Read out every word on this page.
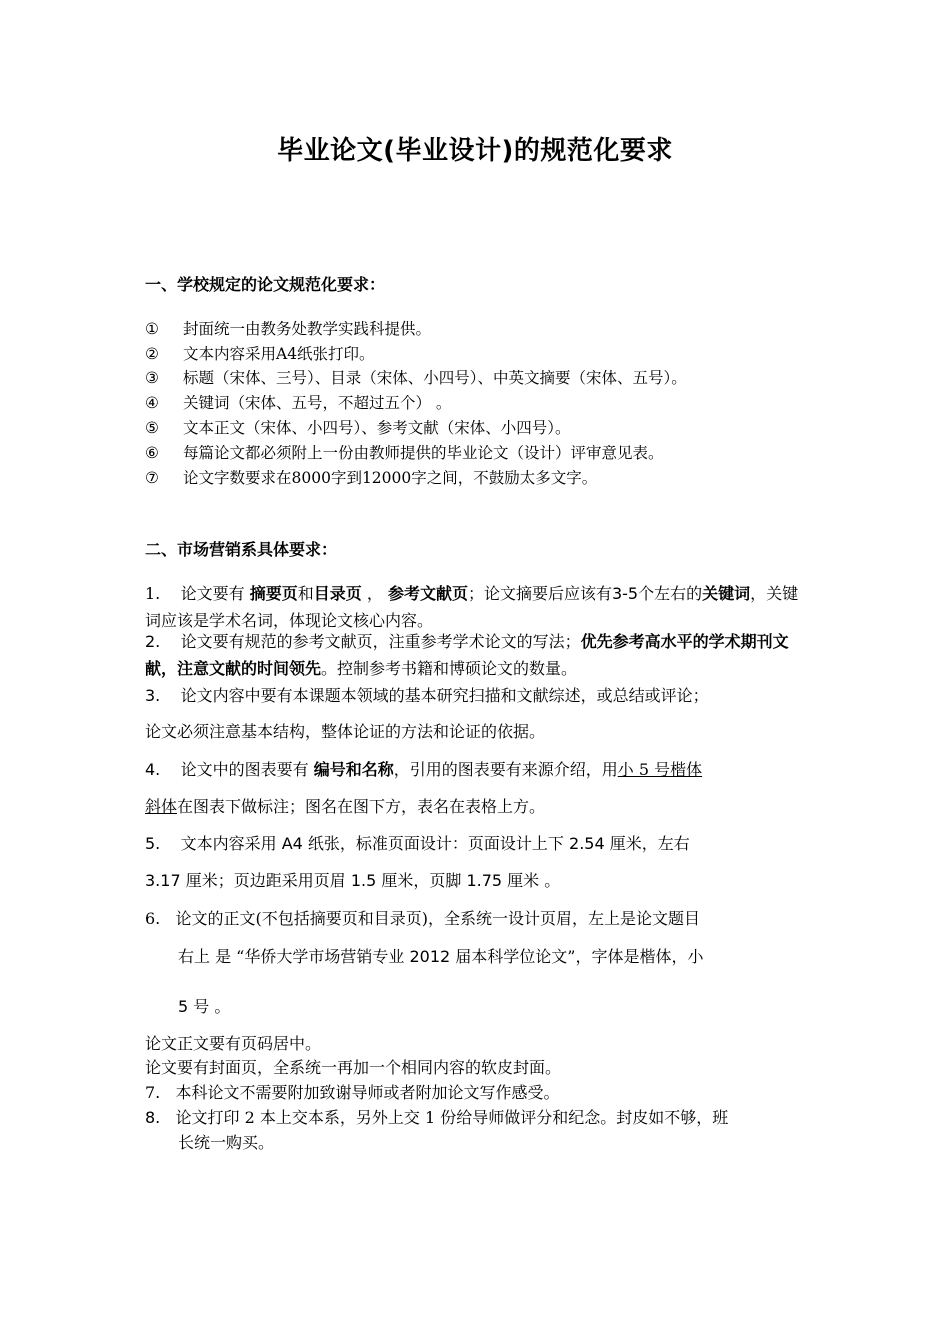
毕业论文(毕业设计)的规范化要求
一、学校规定的论文规范化要求：
① 封面统一由教务处教学实践科提供。
② 文本内容采用A4纸张打印。
③ 标题（宋体、三号）、目录（宋体、小四号）、中英文摘要（宋体、五号）。
④ 关键词（宋体、五号，不超过五个） 。
⑤ 文本正文（宋体、小四号）、参考文献（宋体、小四号）。
⑥ 每篇论文都必须附上一份由教师提供的毕业论文（设计）评审意见表。
⑦ 论文字数要求在8000字到12000字之间，不鼓励太多文字。
二、市场营销系具体要求：
1. 论文要有 摘要页和目录页 ， 参考文献页；论文摘要后应该有3-5个左右的关键词，关键词应该是学术名词，体现论文核心内容。
2. 论文要有规范的参考文献页，注重参考学术论文的写法；优先参考高水平的学术期刊文献，注意文献的时间领先。控制参考书籍和博硕论文的数量。
3. 论文内容中要有本课题本领域的基本研究扫描和文献综述，或总结或评论；
论文必须注意基本结构，整体论证的方法和论证的依据。
4. 论文中的图表要有 编号和名称，引用的图表要有来源介绍，用小 5 号楷体
斜体在图表下做标注；图名在图下方，表名在表格上方。
5. 文本内容采用 A4 纸张，标准页面设计：页面设计上下 2.54 厘米，左右
3.17 厘米；页边距采用页眉 1.5 厘米，页脚 1.75 厘米 。
6. 论文的正文(不包括摘要页和目录页)，全系统一设计页眉，左上是论文题目
右上 是 “华侨大学市场营销专业 2012 届本科学位论文”，字体是楷体，小
5 号 。
论文正文要有页码居中。
论文要有封面页，全系统一再加一个相同内容的软皮封面。
7. 本科论文不需要附加致谢导师或者附加论文写作感受。
8. 论文打印 2 本上交本系，另外上交 1 份给导师做评分和纪念。封皮如不够，班
长统一购买。
